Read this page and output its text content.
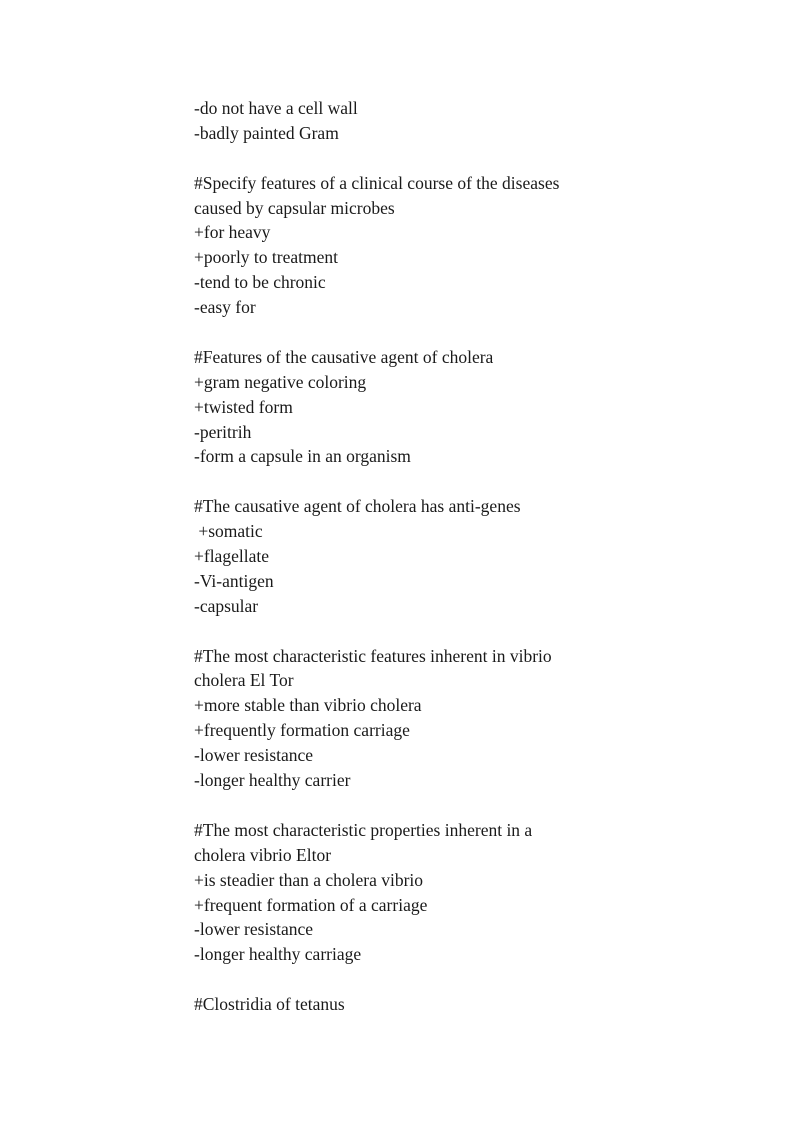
-do not have a cell wall
-badly painted Gram
#Specify features of a clinical course of the diseases
caused by capsular microbes
+for heavy
+poorly to treatment
-tend to be chronic
-easy for
#Features of the causative agent of cholera
+gram negative coloring
+twisted form
-peritrih
-form a capsule in an organism
#The causative agent of cholera has anti-genes
+somatic
+flagellate
-Vi-antigen
-capsular
#The most characteristic features inherent in vibrio
cholera El Tor
+more stable than vibrio cholera
+frequently formation carriage
-lower resistance
-longer healthy carrier
#The most characteristic properties inherent in a
cholera vibrio Eltor
+is steadier than a cholera vibrio
+frequent formation of a carriage
-lower resistance
-longer healthy carriage
#Clostridia of tetanus
